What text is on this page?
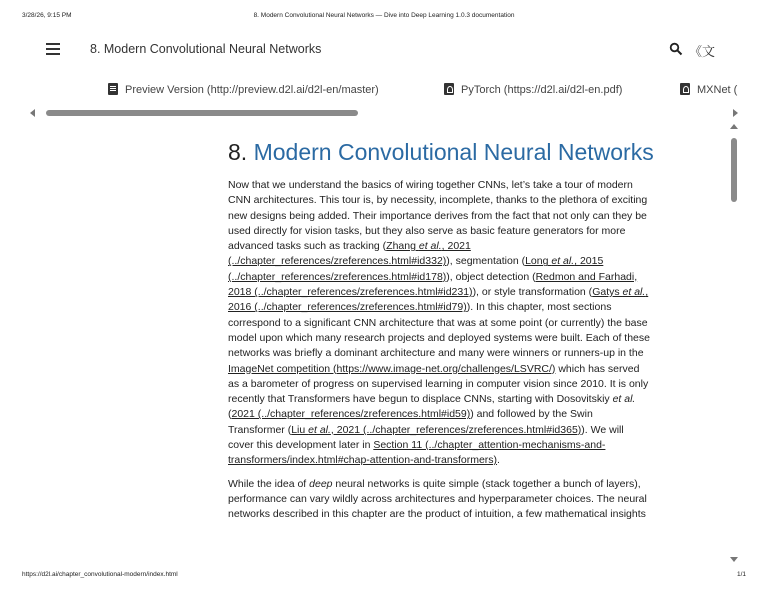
3/28/26, 9:15 PM	8. Modern Convolutional Neural Networks — Dive into Deep Learning 1.0.3 documentation
8. Modern Convolutional Neural Networks	《文
Preview Version (http://preview.d2l.ai/d2l-en/master)	PyTorch (https://d2l.ai/d2l-en.pdf)	MXNet (
8. Modern Convolutional Neural Networks

Now that we understand the basics of wiring together CNNs, let’s take a tour of modern
CNN architectures. This tour is, by necessity, incomplete, thanks to the plethora of exciting
new designs being added. Their importance derives from the fact that not only can they be
used directly for vision tasks, but they also serve as basic feature generators for more
advanced tasks such as tracking (Zhang et al., 2021
(../chapter_references/zreferences.html#id332)), segmentation (Long et al., 2015
(../chapter_references/zreferences.html#id178)), object detection (Redmon and Farhadi,
2018 (../chapter_references/zreferences.html#id231)), or style transformation (Gatys et al.,
2016 (../chapter_references/zreferences.html#id79)). In this chapter, most sections
correspond to a significant CNN architecture that was at some point (or currently) the base
model upon which many research projects and deployed systems were built. Each of these
networks was briefly a dominant architecture and many were winners or runners-up in the
ImageNet competition (https://www.image-net.org/challenges/LSVRC/) which has served
as a barometer of progress on supervised learning in computer vision since 2010. It is only
recently that Transformers have begun to displace CNNs, starting with Dosovitskiy et al.
(2021 (../chapter_references/zreferences.html#id59)) and followed by the Swin
Transformer (Liu et al., 2021 (../chapter_references/zreferences.html#id365)). We will
cover this development later in Section 11 (../chapter_attention-mechanisms-and-
transformers/index.html#chap-attention-and-transformers).

While the idea of deep neural networks is quite simple (stack together a bunch of layers),
performance can vary wildly across architectures and hyperparameter choices. The neural
networks described in this chapter are the product of intuition, a few mathematical insights

https://d2l.ai/chapter_convolutional-modern/index.html	1/1
